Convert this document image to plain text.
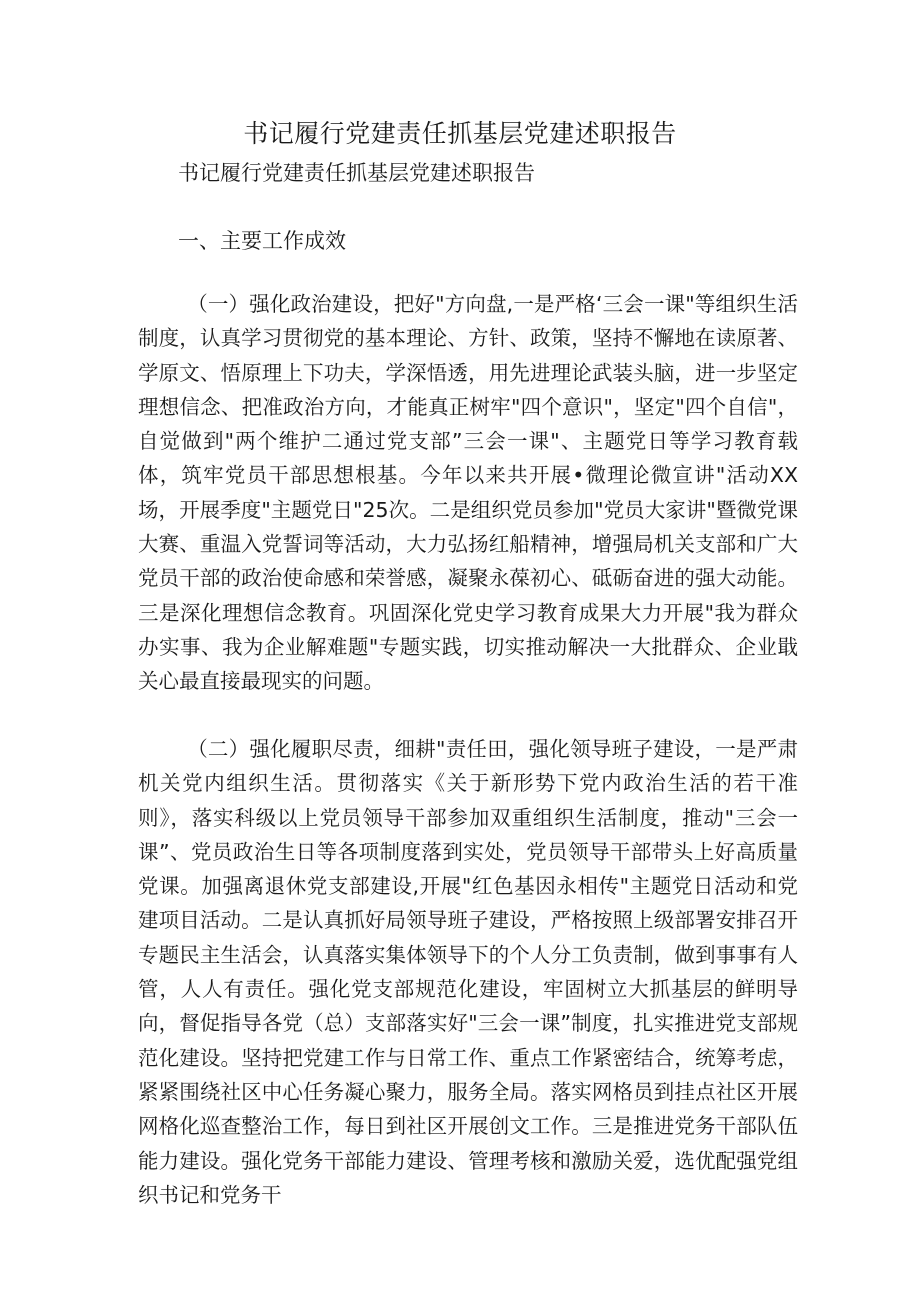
书记履行党建责任抓基层党建述职报告
书记履行党建责任抓基层党建述职报告
一、主要工作成效
（一）强化政治建设，把好"方向盘,一是严格‘三会一课"等组织生活制度，认真学习贯彻党的基本理论、方针、政策，坚持不懈地在读原著、学原文、悟原理上下功夫，学深悟透，用先进理论武装头脑，进一步坚定理想信念、把准政治方向，才能真正树牢"四个意识"，坚定"四个自信"，自觉做到"两个维护二通过党支部”三会一课"、主题党日等学习教育载体，筑牢党员干部思想根基。今年以来共开展•微理论微宣讲"活动XX场，开展季度"主题党日"25次。二是组织党员参加"党员大家讲"暨微党课大赛、重温入党誓词等活动，大力弘扬红船精神，增强局机关支部和广大党员干部的政治使命感和荣誉感，凝聚永葆初心、砥砺奋进的强大动能。三是深化理想信念教育。巩固深化党史学习教育成果大力开展"我为群众办实事、我为企业解难题"专题实践，切实推动解决一大批群众、企业戢关心最直接最现实的问题。
（二）强化履职尽责，细耕"责任田，强化领导班子建设，一是严肃机关党内组织生活。贯彻落实《关于新形势下党内政治生活的若干准则》，落实科级以上党员领导干部参加双重组织生活制度，推动"三会一课”、党员政治生日等各项制度落到实处，党员领导干部带头上好高质量党课。加强离退休党支部建设,开展"红色基因永相传"主题党日活动和党建项目活动。二是认真抓好局领导班子建设，严格按照上级部署安排召开专题民主生活会，认真落实集体领导下的个人分工负责制，做到事事有人管，人人有责任。强化党支部规范化建设，牢固树立大抓基层的鲜明导向，督促指导各党（总）支部落实好"三会一课”制度，扎实推进党支部规范化建设。坚持把党建工作与日常工作、重点工作紧密结合，统筹考虑，紧紧围绕社区中心任务凝心聚力，服务全局。落实网格员到挂点社区开展网格化巡查整治工作，每日到社区开展创文工作。三是推进党务干部队伍能力建设。强化党务干部能力建设、管理考核和激励关爱，选优配强党组织书记和党务干
